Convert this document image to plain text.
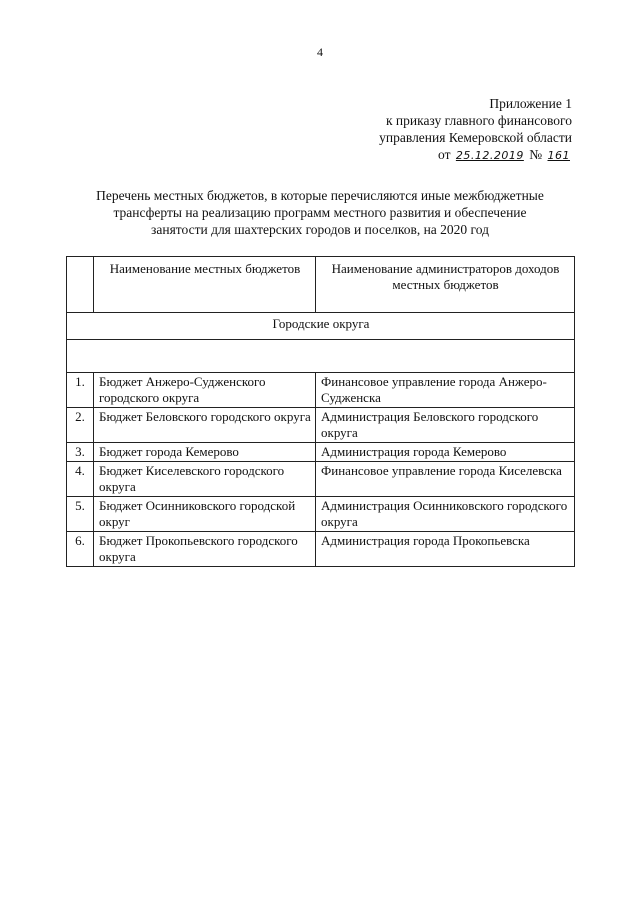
4
Приложение 1
к приказу главного финансового
управления Кемеровской области
от 25.12.2019 № 161
Перечень местных бюджетов, в которые перечисляются иные межбюджетные
трансферты на реализацию программ местного развития и обеспечение
занятости для шахтерских городов и поселков, на 2020 год
	Наименование местных бюджетов	Наименование администраторов доходов местных бюджетов
Городские округа		

1.	Бюджет Анжеро-Судженского городского округа	Финансовое управление города Анжеро-Судженска
2.	Бюджет Беловского городского округа	Администрация Беловского городского округа
3.	Бюджет города Кемерово	Администрация города Кемерово
4.	Бюджет Киселевского городского округа	Финансовое управление города Киселевска
5.	Бюджет Осинниковского городской округ	Администрация Осинниковского городского округа
6.	Бюджет Прокопьевского городского округа	Администрация города Прокопьевска
